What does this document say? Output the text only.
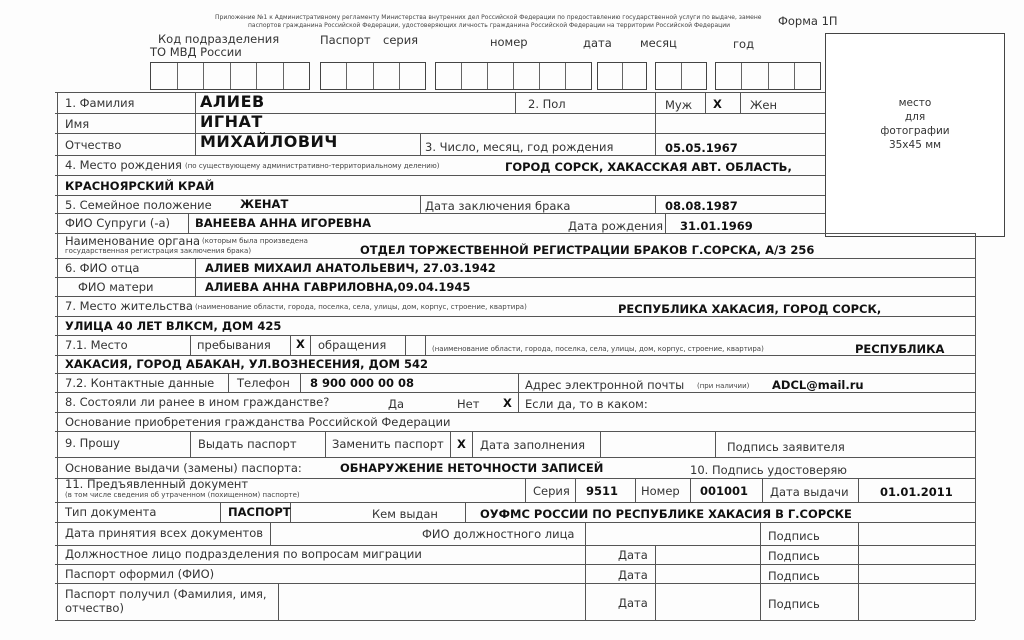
Приложение №1 к Административному регламенту Министерства внутренних дел Российской Федерации по предоставлению государственной услуги по выдаче, замене
паспортов гражданина Российской Федерации, удостоверяющих личность гражданина Российской Федерации на территории Российской Федерации	Форма 1П
Код подразделения
ТО МВД России
Паспорт серия	номер	дата месяц	год
место
для
фотографии
35x45 мм
1. Фамилия	АЛИЕВ	2. Пол	Муж X Жен
Имя	ИГНАТ
Отчество	МИХАЙЛОВИЧ	3. Число, месяц, год рождения	05.05.1967
4. Место рождения (по существующему административно-территориальному делению)	ГОРОД СОРСК, ХАКАССКАЯ АВТ. ОБЛАСТЬ,
КРАСНОЯРСКИЙ КРАЙ
5. Семейное положение ЖЕНАТ	Дата заключения брака	08.08.1987
ФИО Супруги (-а) ВАНЕЕВА АННА ИГОРЕВНА	Дата рождения 31.01.1969
Наименование органа (которым была произведена
государственная регистрация заключения брака)	ОТДЕЛ ТОРЖЕСТВЕННОЙ РЕГИСТРАЦИИ БРАКОВ Г.СОРСКА, А/З 256
6. ФИО отца	АЛИЕВ МИХАИЛ АНАТОЛЬЕВИЧ, 27.03.1942
ФИО матери	АЛИЕВА АННА ГАВРИЛОВНА,09.04.1945
7. Место жительства (наименование области, города, поселка, села, улицы, дом, корпус, строение, квартира)	РЕСПУБЛИКА ХАКАСИЯ, ГОРОД СОРСК,
УЛИЦА 40 ЛЕТ ВЛКСМ, ДОМ 425
7.1. Место	пребывания X обращения	(наименование области, города, поселка, села, улицы, дом, корпус, строение, квартира)	РЕСПУБЛИКА
ХАКАСИЯ, ГОРОД АБАКАН, УЛ.ВОЗНЕСЕНИЯ, ДОМ 542
7.2. Контактные данные Телефон 8 900 000 00 08	Адрес электронной почты (при наличии) ADCL@mail.ru
8. Состояли ли ранее в ином гражданстве?	Да	Нет X Если да, то в каком:
Основание приобретения гражданства Российской Федерации
9. Прошу	Выдать паспорт	Заменить паспорт X Дата заполнения	Подпись заявителя
Основание выдачи (замены) паспорта:	ОБНАРУЖЕНИЕ НЕТОЧНОСТИ ЗАПИСЕЙ	10. Подпись удостоверяю
11. Предъявленный документ
(в том числе сведения об утраченном (похищенном) паспорте)	Серия 9511 Номер 001001 Дата выдачи	01.01.2011
Тип документа	ПАСПОРТ	Кем выдан	ОУФМС РОССИИ ПО РЕСПУБЛИКЕ ХАКАСИЯ В Г.СОРСКЕ
Дата принятия всех документов	ФИО должностного лица	Подпись
Должностное лицо подразделения по вопросам миграции	Дата	Подпись
Паспорт оформил (ФИО)	Дата	Подпись
Паспорт получил (Фамилия, имя,
отчество)	Дата	Подпись
